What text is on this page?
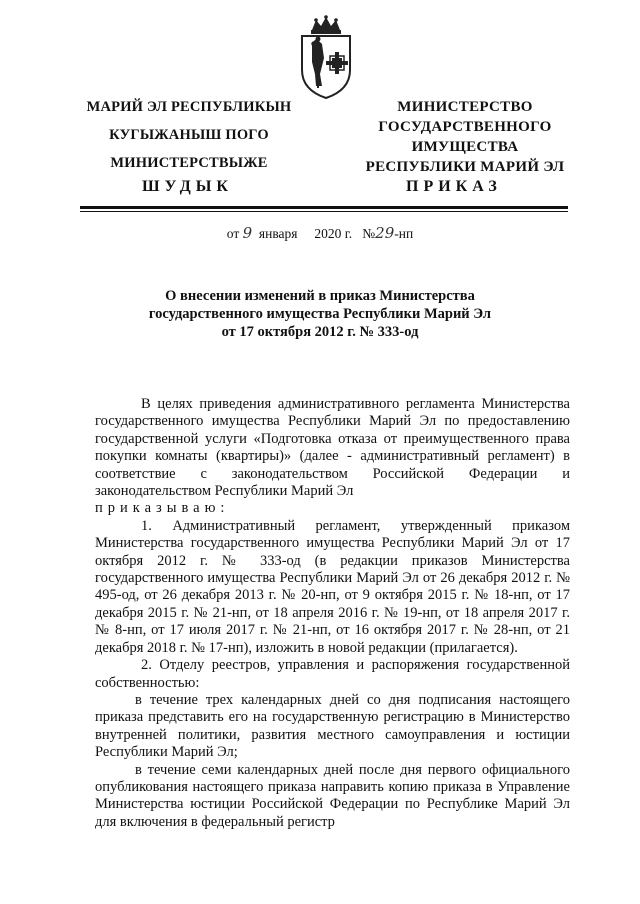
МАРИЙ ЭЛ РЕСПУБЛИКЫН
КУГЫЖАНЫШ ПОГО
МИНИСТЕРСТВЫЖЕ
МИНИСТЕРСТВО
ГОСУДАРСТВЕННОГО
ИМУЩЕСТВА
РЕСПУБЛИКИ МАРИЙ ЭЛ
ШУДЫК	ПРИКАЗ
от 9 января 2020 г. №29-нп
О внесении изменений в приказ Министерства
государственного имущества Республики Марий Эл
от 17 октября 2012 г. № 333-од

В целях приведения административного регламента Министерства государственного имущества Республики Марий Эл по предоставлению государственной услуги «Подготовка отказа от преимущественного права покупки комнаты (квартиры)» (далее - административный регламент) в соответствие с законодательством Российской Федерации и законодательством Республики Марий Эл

приказываю:

1. Административный регламент, утвержденный приказом Министерства государственного имущества Республики Марий Эл от 17 октября 2012 г. № 333-од (в редакции приказов Министерства государственного имущества Республики Марий Эл от 26 декабря 2012 г. № 495-од, от 26 декабря 2013 г. № 20-нп, от 9 октября 2015 г. № 18-нп, от 17 декабря 2015 г. № 21-нп, от 18 апреля 2016 г. № 19-нп, от 18 апреля 2017 г. № 8-нп, от 17 июля 2017 г. № 21-нп, от 16 октября 2017 г. № 28-нп, от 21 декабря 2018 г. № 17-нп), изложить в новой редакции (прилагается).

2. Отделу реестров, управления и распоряжения государственной собственностью:

в течение трех календарных дней со дня подписания настоящего приказа представить его на государственную регистрацию в Министерство внутренней политики, развития местного самоуправления и юстиции Республики Марий Эл;

в течение семи календарных дней после дня первого официального опубликования настоящего приказа направить копию приказа в Управление Министерства юстиции Российской Федерации по Республике Марий Эл для включения в федеральный регистр
